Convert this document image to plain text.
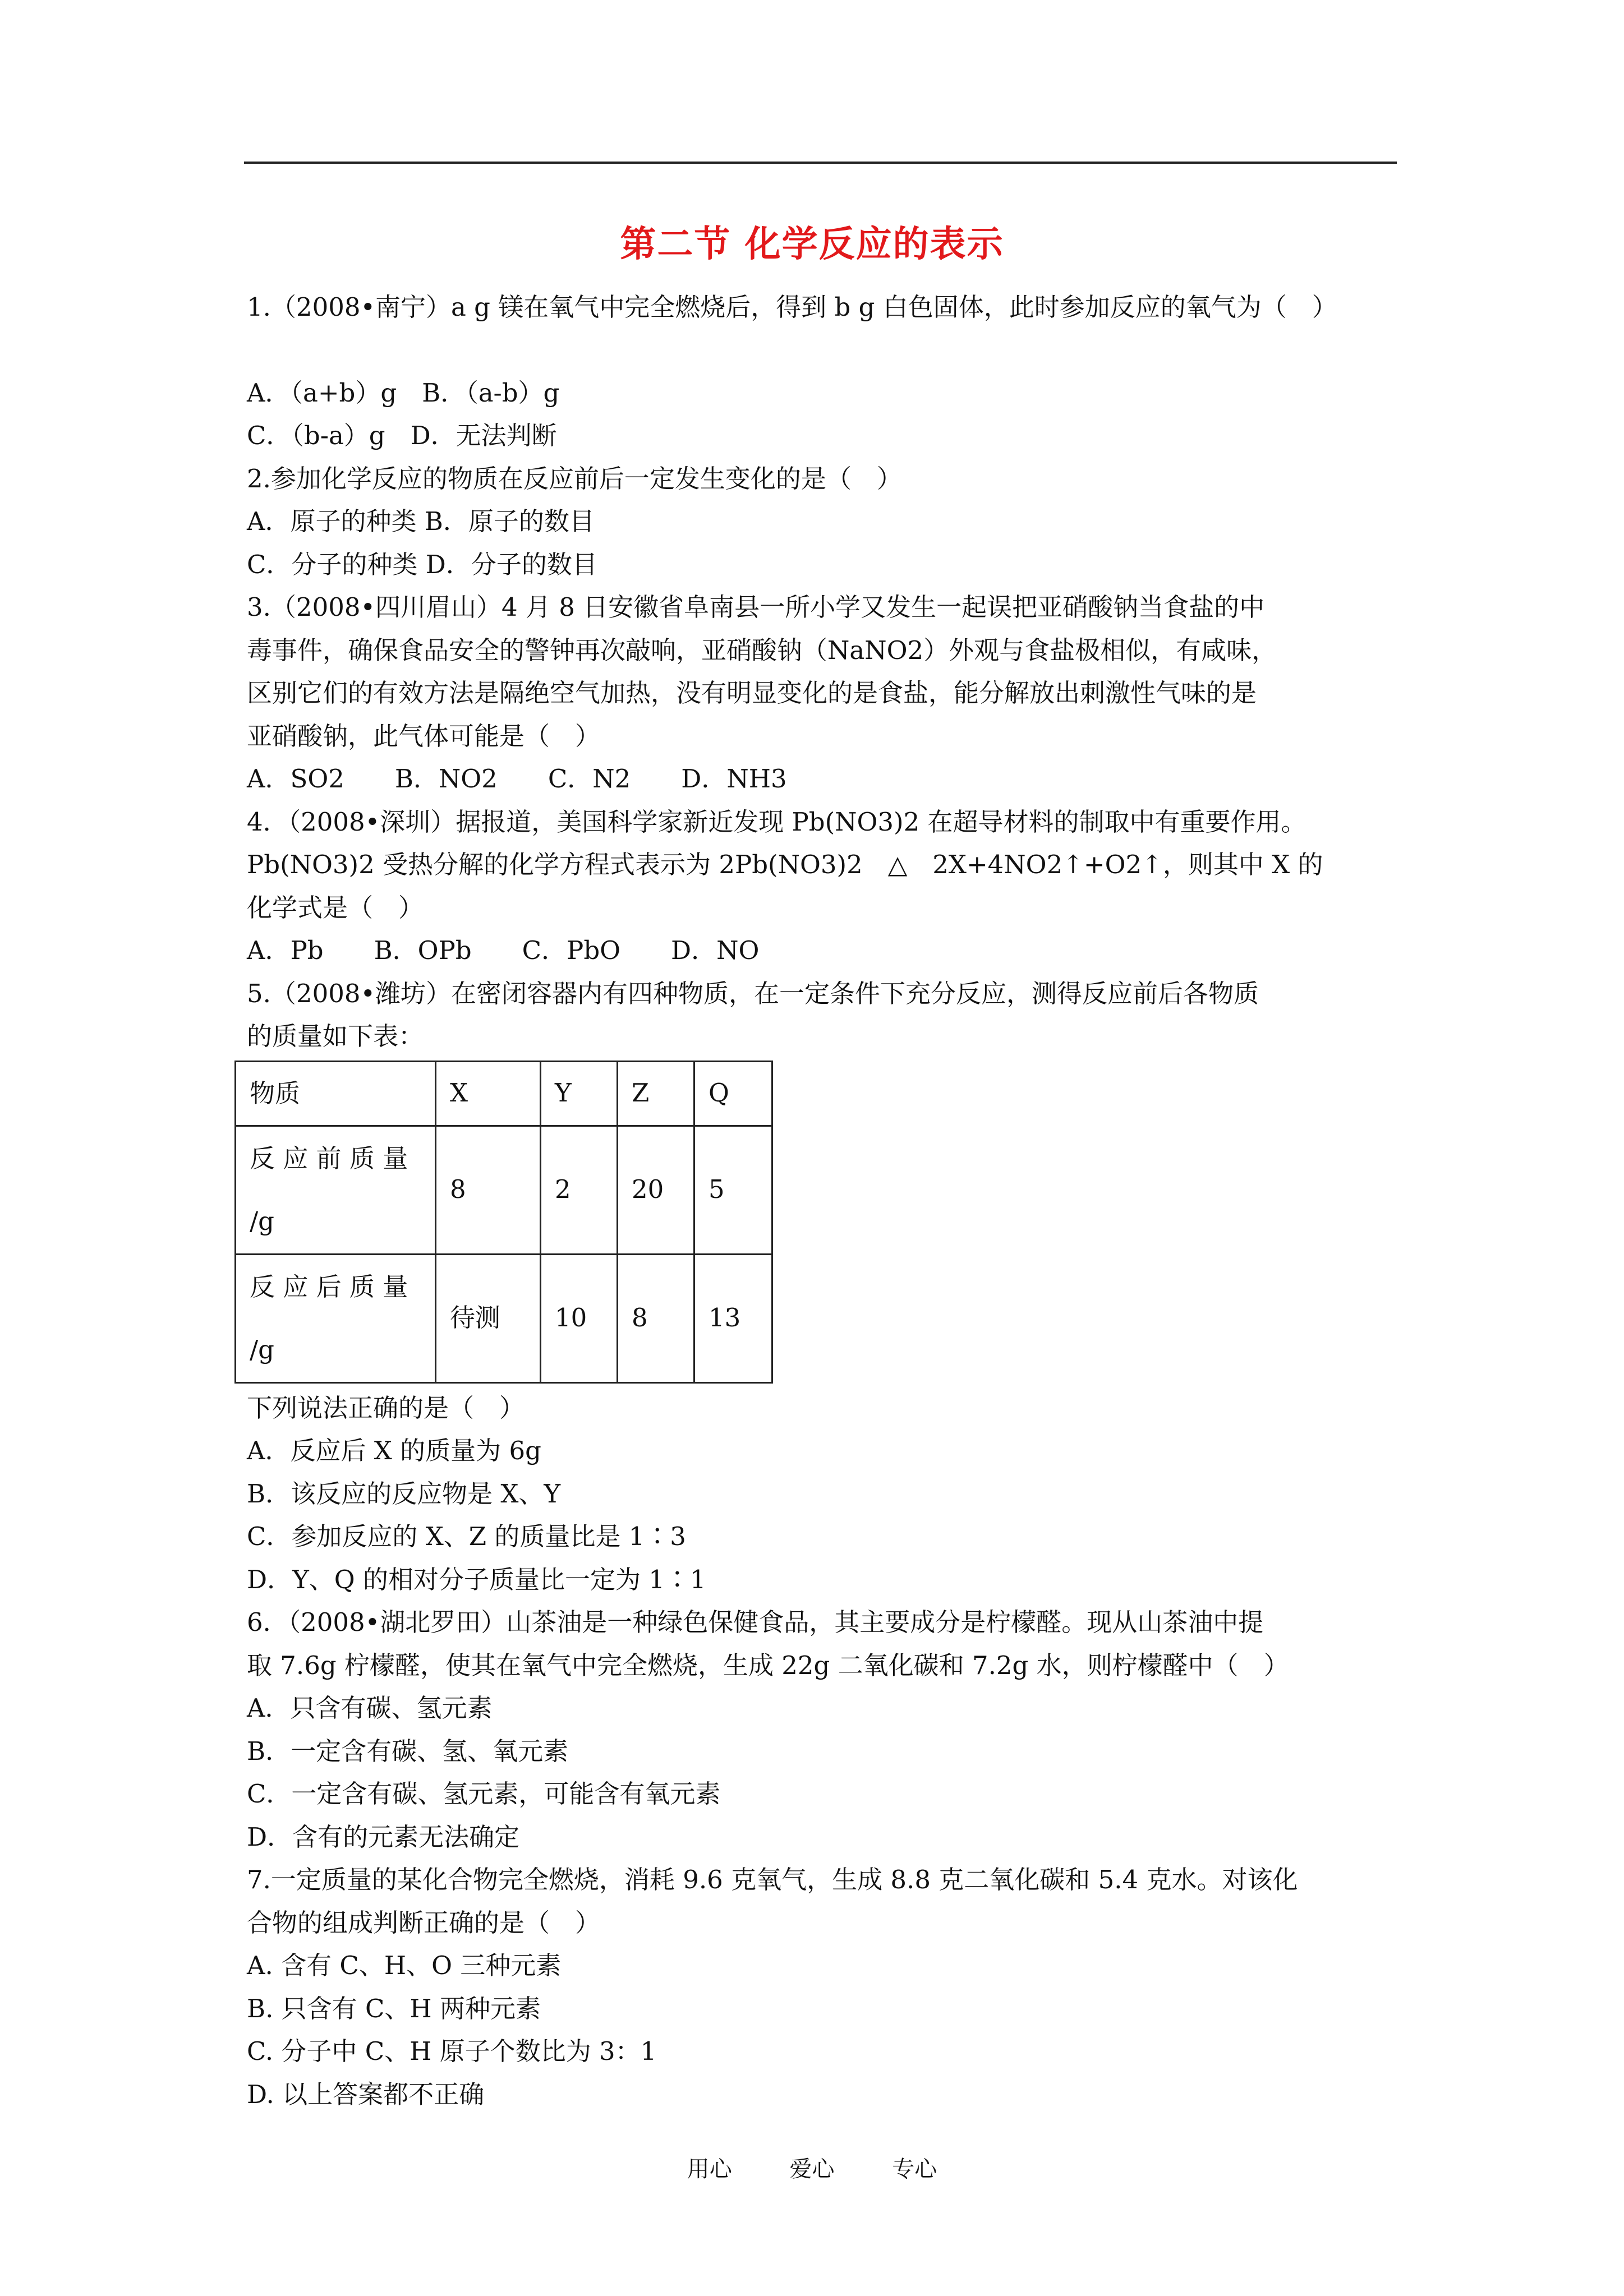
第二节 化学反应的表示
1.（2008•南宁）a g 镁在氧气中完全燃烧后，得到 b g 白色固体，此时参加反应的氧气为（　）
A．（a+b）g　B．（a-b）g
C．（b-a）g　D．无法判断
2.参加化学反应的物质在反应前后一定发生变化的是（　）
A．原子的种类 B．原子的数目
C．分子的种类 D．分子的数目
3.（2008•四川眉山）4 月 8 日安徽省阜南县一所小学又发生一起误把亚硝酸钠当食盐的中
毒事件，确保食品安全的警钟再次敲响，亚硝酸钠（NaNO2）外观与食盐极相似，有咸味，
区别它们的有效方法是隔绝空气加热，没有明显变化的是食盐，能分解放出刺激性气味的是
亚硝酸钠，此气体可能是（　）
A．SO2　　B．NO2　　C．N2　　D．NH3
4．（2008•深圳）据报道，美国科学家新近发现 Pb(NO3)2 在超导材料的制取中有重要作用。
Pb(NO3)2 受热分解的化学方程式表示为 2Pb(NO3)2　△　2X+4NO2↑+O2↑，则其中 X 的
化学式是（　）
A．Pb　　B．OPb　　C．PbO　　D．NO
5.（2008•潍坊）在密闭容器内有四种物质，在一定条件下充分反应，测得反应前后各物质
的质量如下表：
物质	X	Y	Z	Q
反 应 前 质 量 /g	8	2	20	5
反 应 后 质 量 /g	待测	10	8	13
下列说法正确的是（　）
A．反应后 X 的质量为 6g
B．该反应的反应物是 X、Y
C．参加反应的 X、Z 的质量比是 1∶3
D．Y、Q 的相对分子质量比一定为 1∶1
6．（2008•湖北罗田）山茶油是一种绿色保健食品，其主要成分是柠檬醛。现从山茶油中提
取 7.6g 柠檬醛，使其在氧气中完全燃烧，生成 22g 二氧化碳和 7.2g 水，则柠檬醛中（　）
A．只含有碳、氢元素
B．一定含有碳、氢、氧元素
C．一定含有碳、氢元素，可能含有氧元素
D．含有的元素无法确定
7.一定质量的某化合物完全燃烧，消耗 9.6 克氧气，生成 8.8 克二氧化碳和 5.4 克水。对该化
合物的组成判断正确的是（　）
A. 含有 C、H、O 三种元素
B. 只含有 C、H 两种元素
C. 分子中 C、H 原子个数比为 3：1
D. 以上答案都不正确
用心	爱心	专心
